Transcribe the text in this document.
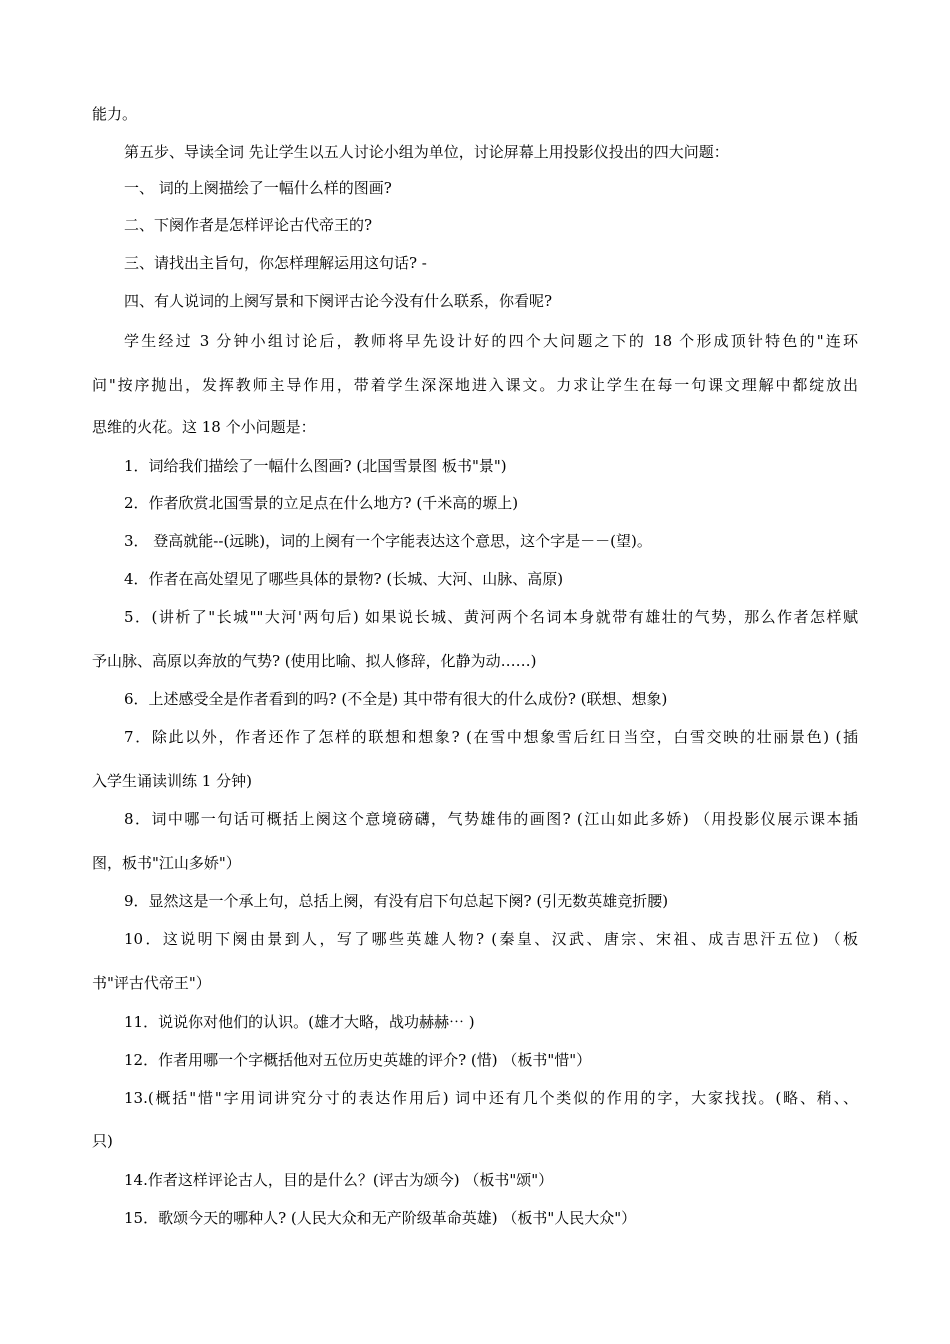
能力。
第五步、导读全词 先让学生以五人讨论小组为单位，讨论屏幕上用投影仪投出的四大问题：
一、 词的上阕描绘了一幅什么样的图画?
二、下阕作者是怎样评论古代帝王的?
三、请找出主旨句，你怎样理解运用这句话? -
四、有人说词的上阕写景和下阕评古论今没有什么联系，你看呢?
学生经过 3 分钟小组讨论后，教师将早先设计好的四个大问题之下的 18 个形成顶针特色的"连环
问"按序抛出，发挥教师主导作用，带着学生深深地进入课文。力求让学生在每一句课文理解中都绽放出
思维的火花。这 18 个小问题是：
1．词给我们描绘了一幅什么图画? (北国雪景图 板书"景")
2．作者欣赏北国雪景的立足点在什么地方? (千米高的塬上)
3． 登高就能--(远眺)，词的上阕有一个字能表达这个意思，这个字是－－(望)。
4．作者在高处望见了哪些具体的景物? (长城、大河、山脉、高原)
5．(讲析了"长城""大河'两句后) 如果说长城、黄河两个名词本身就带有雄壮的气势，那么作者怎样赋
予山脉、高原以奔放的气势? (使用比喻、拟人修辞，化静为动……)
6．上述感受全是作者看到的吗? (不全是) 其中带有很大的什么成份? (联想、想象)
7．除此以外，作者还作了怎样的联想和想象? (在雪中想象雪后红日当空，白雪交映的壮丽景色) (插
入学生诵读训练 1 分钟)
8．词中哪一句话可概括上阕这个意境磅礴，气势雄伟的画图? (江山如此多娇) （用投影仪展示课本插
图，板书"江山多娇"）
9．显然这是一个承上句，总括上阕，有没有启下句总起下阕? (引无数英雄竞折腰)
10．这说明下阕由景到人，写了哪些英雄人物? (秦皇、汉武、唐宗、宋祖、成吉思汗五位) （板
书"评古代帝王"）
11．说说你对他们的认识。(雄才大略，战功赫赫⋯ )
12．作者用哪一个字概括他对五位历史英雄的评介? (惜) （板书"惜"）
13.(概括"惜"字用词讲究分寸的表达作用后) 词中还有几个类似的作用的字，大家找找。(略、稍、、
只)
14.作者这样评论古人，目的是什么？(评古为颂今) （板书"颂"）
15．歌颂今天的哪种人? (人民大众和无产阶级革命英雄) （板书"人民大众"）
